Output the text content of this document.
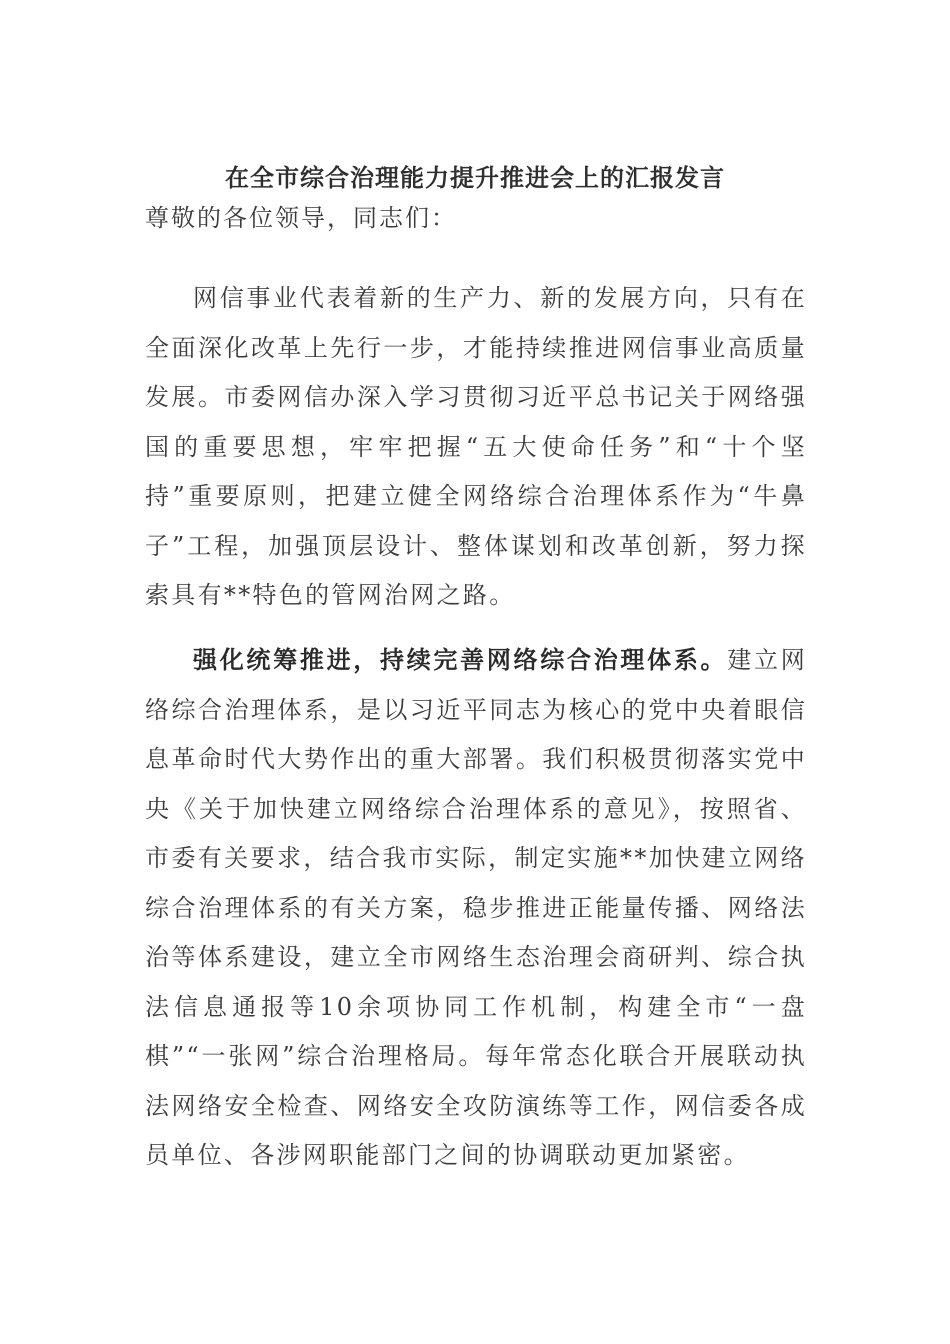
在全市综合治理能力提升推进会上的汇报发言
尊敬的各位领导，同志们：

网信事业代表着新的生产力、新的发展方向，只有在全面深化改革上先行一步，才能持续推进网信事业高质量发展。市委网信办深入学习贯彻习近平总书记关于网络强国的重要思想，牢牢把握“五大使命任务”和“十个坚持”重要原则，把建立健全网络综合治理体系作为“牛鼻子”工程，加强顶层设计、整体谋划和改革创新，努力探索具有**特色的管网治网之路。

强化统筹推进，持续完善网络综合治理体系。建立网络综合治理体系，是以习近平同志为核心的党中央着眼信息革命时代大势作出的重大部署。我们积极贯彻落实党中央《关于加快建立网络综合治理体系的意见》，按照省、市委有关要求，结合我市实际，制定实施**加快建立网络综合治理体系的有关方案，稳步推进正能量传播、网络法治等体系建设，建立全市网络生态治理会商研判、综合执法信息通报等10余项协同工作机制，构建全市“一盘棋”“一张网”综合治理格局。每年常态化联合开展联动执法网络安全检查、网络安全攻防演练等工作，网信委各成员单位、各涉网职能部门之间的协调联动更加紧密。
